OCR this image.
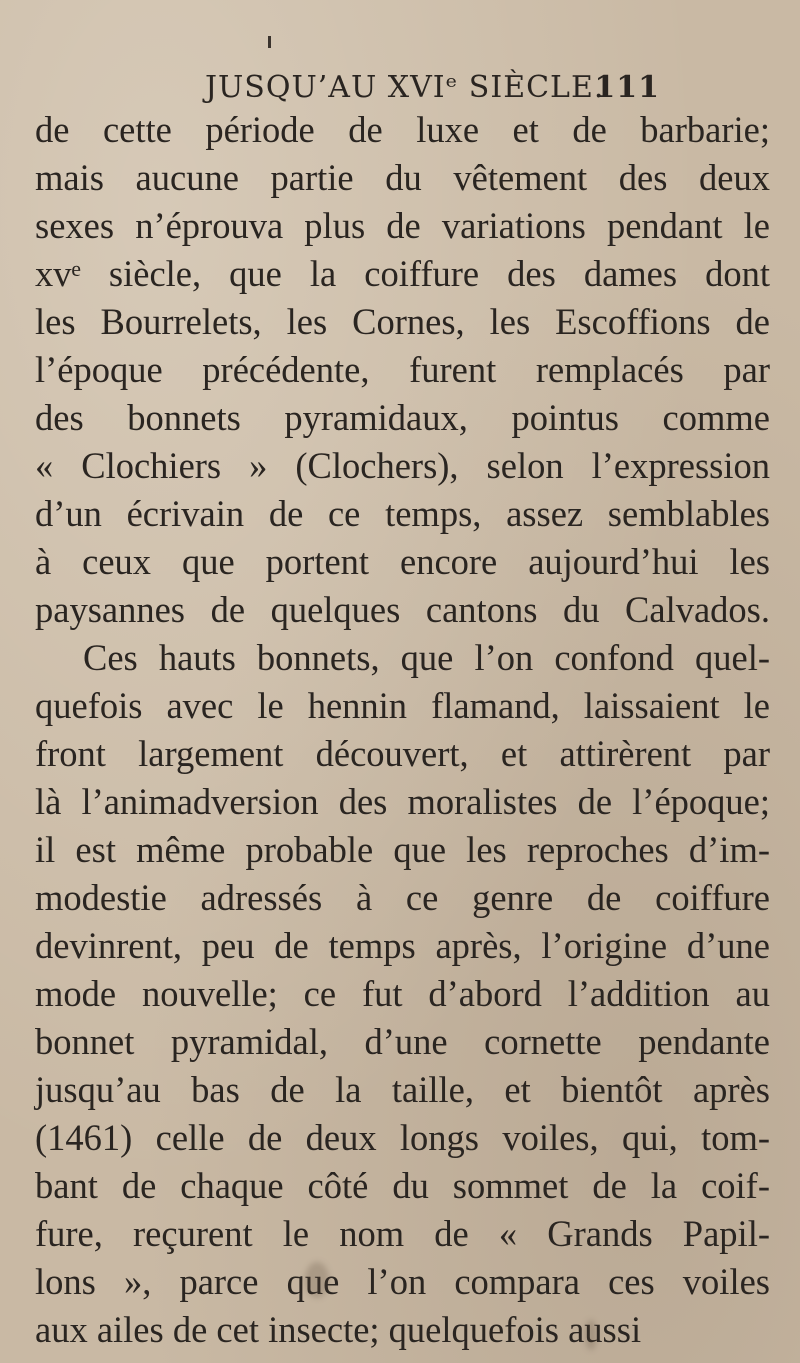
JUSQU’AU XVIᵉ SIÈCLE.
111
de cette période de luxe et de barbarie;
mais aucune partie du vêtement des deux
sexes n’éprouva plus de variations pendant le
xvᵉ siècle, que la coiffure des dames dont
les Bourrelets, les Cornes, les Escoffions de
l’époque précédente, furent remplacés par
des bonnets pyramidaux, pointus comme
« Clochiers » (Clochers), selon l’expression
d’un écrivain de ce temps, assez semblables
à ceux que portent encore aujourd’hui les
paysannes de quelques cantons du Calvados.
Ces hauts bonnets, que l’on confond quel-
quefois avec le hennin flamand, laissaient le
front largement découvert, et attirèrent par
là l’animadversion des moralistes de l’époque;
il est même probable que les reproches d’im-
modestie adressés à ce genre de coiffure
devinrent, peu de temps après, l’origine d’une
mode nouvelle; ce fut d’abord l’addition au
bonnet pyramidal, d’une cornette pendante
jusqu’au bas de la taille, et bientôt après
(1461) celle de deux longs voiles, qui, tom-
bant de chaque côté du sommet de la coif-
fure, reçurent le nom de « Grands Papil-
lons », parce que l’on compara ces voiles
aux ailes de cet insecte; quelquefois aussi
